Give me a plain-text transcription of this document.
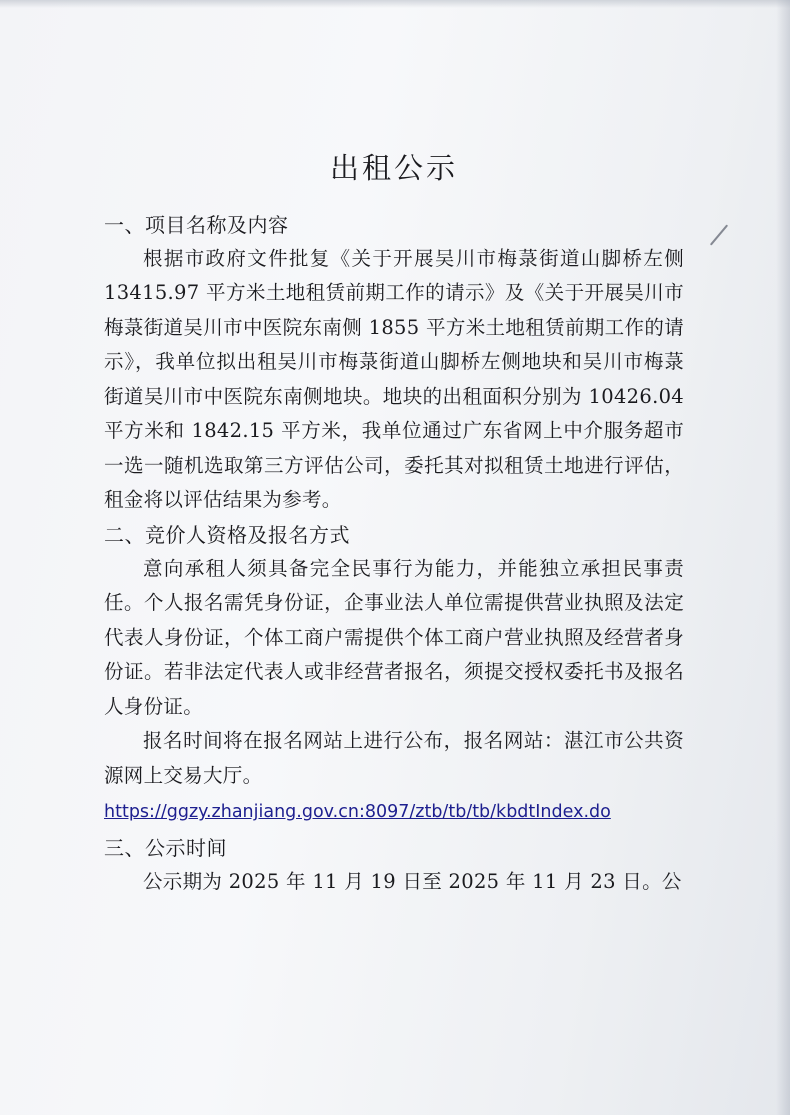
出租公示
一、项目名称及内容

根据市政府文件批复《关于开展吴川市梅菉街道山脚桥左侧 13415.97 平方米土地租赁前期工作的请示》及《关于开展吴川市梅菉街道吴川市中医院东南侧 1855 平方米土地租赁前期工作的请示》，我单位拟出租吴川市梅菉街道山脚桥左侧地块和吴川市梅菉街道吴川市中医院东南侧地块。地块的出租面积分别为 10426.04 平方米和 1842.15 平方米，我单位通过广东省网上中介服务超市一选一随机选取第三方评估公司，委托其对拟租赁土地进行评估，租金将以评估结果为参考。

二、竞价人资格及报名方式

意向承租人须具备完全民事行为能力，并能独立承担民事责任。个人报名需凭身份证，企事业法人单位需提供营业执照及法定代表人身份证，个体工商户需提供个体工商户营业执照及经营者身份证。若非法定代表人或非经营者报名，须提交授权委托书及报名人身份证。

报名时间将在报名网站上进行公布，报名网站：湛江市公共资源网上交易大厅。

https://ggzy.zhanjiang.gov.cn:8097/ztb/tb/tb/kbdtIndex.do

三、公示时间

公示期为 2025 年 11 月 19 日至 2025 年 11 月 23 日。公
